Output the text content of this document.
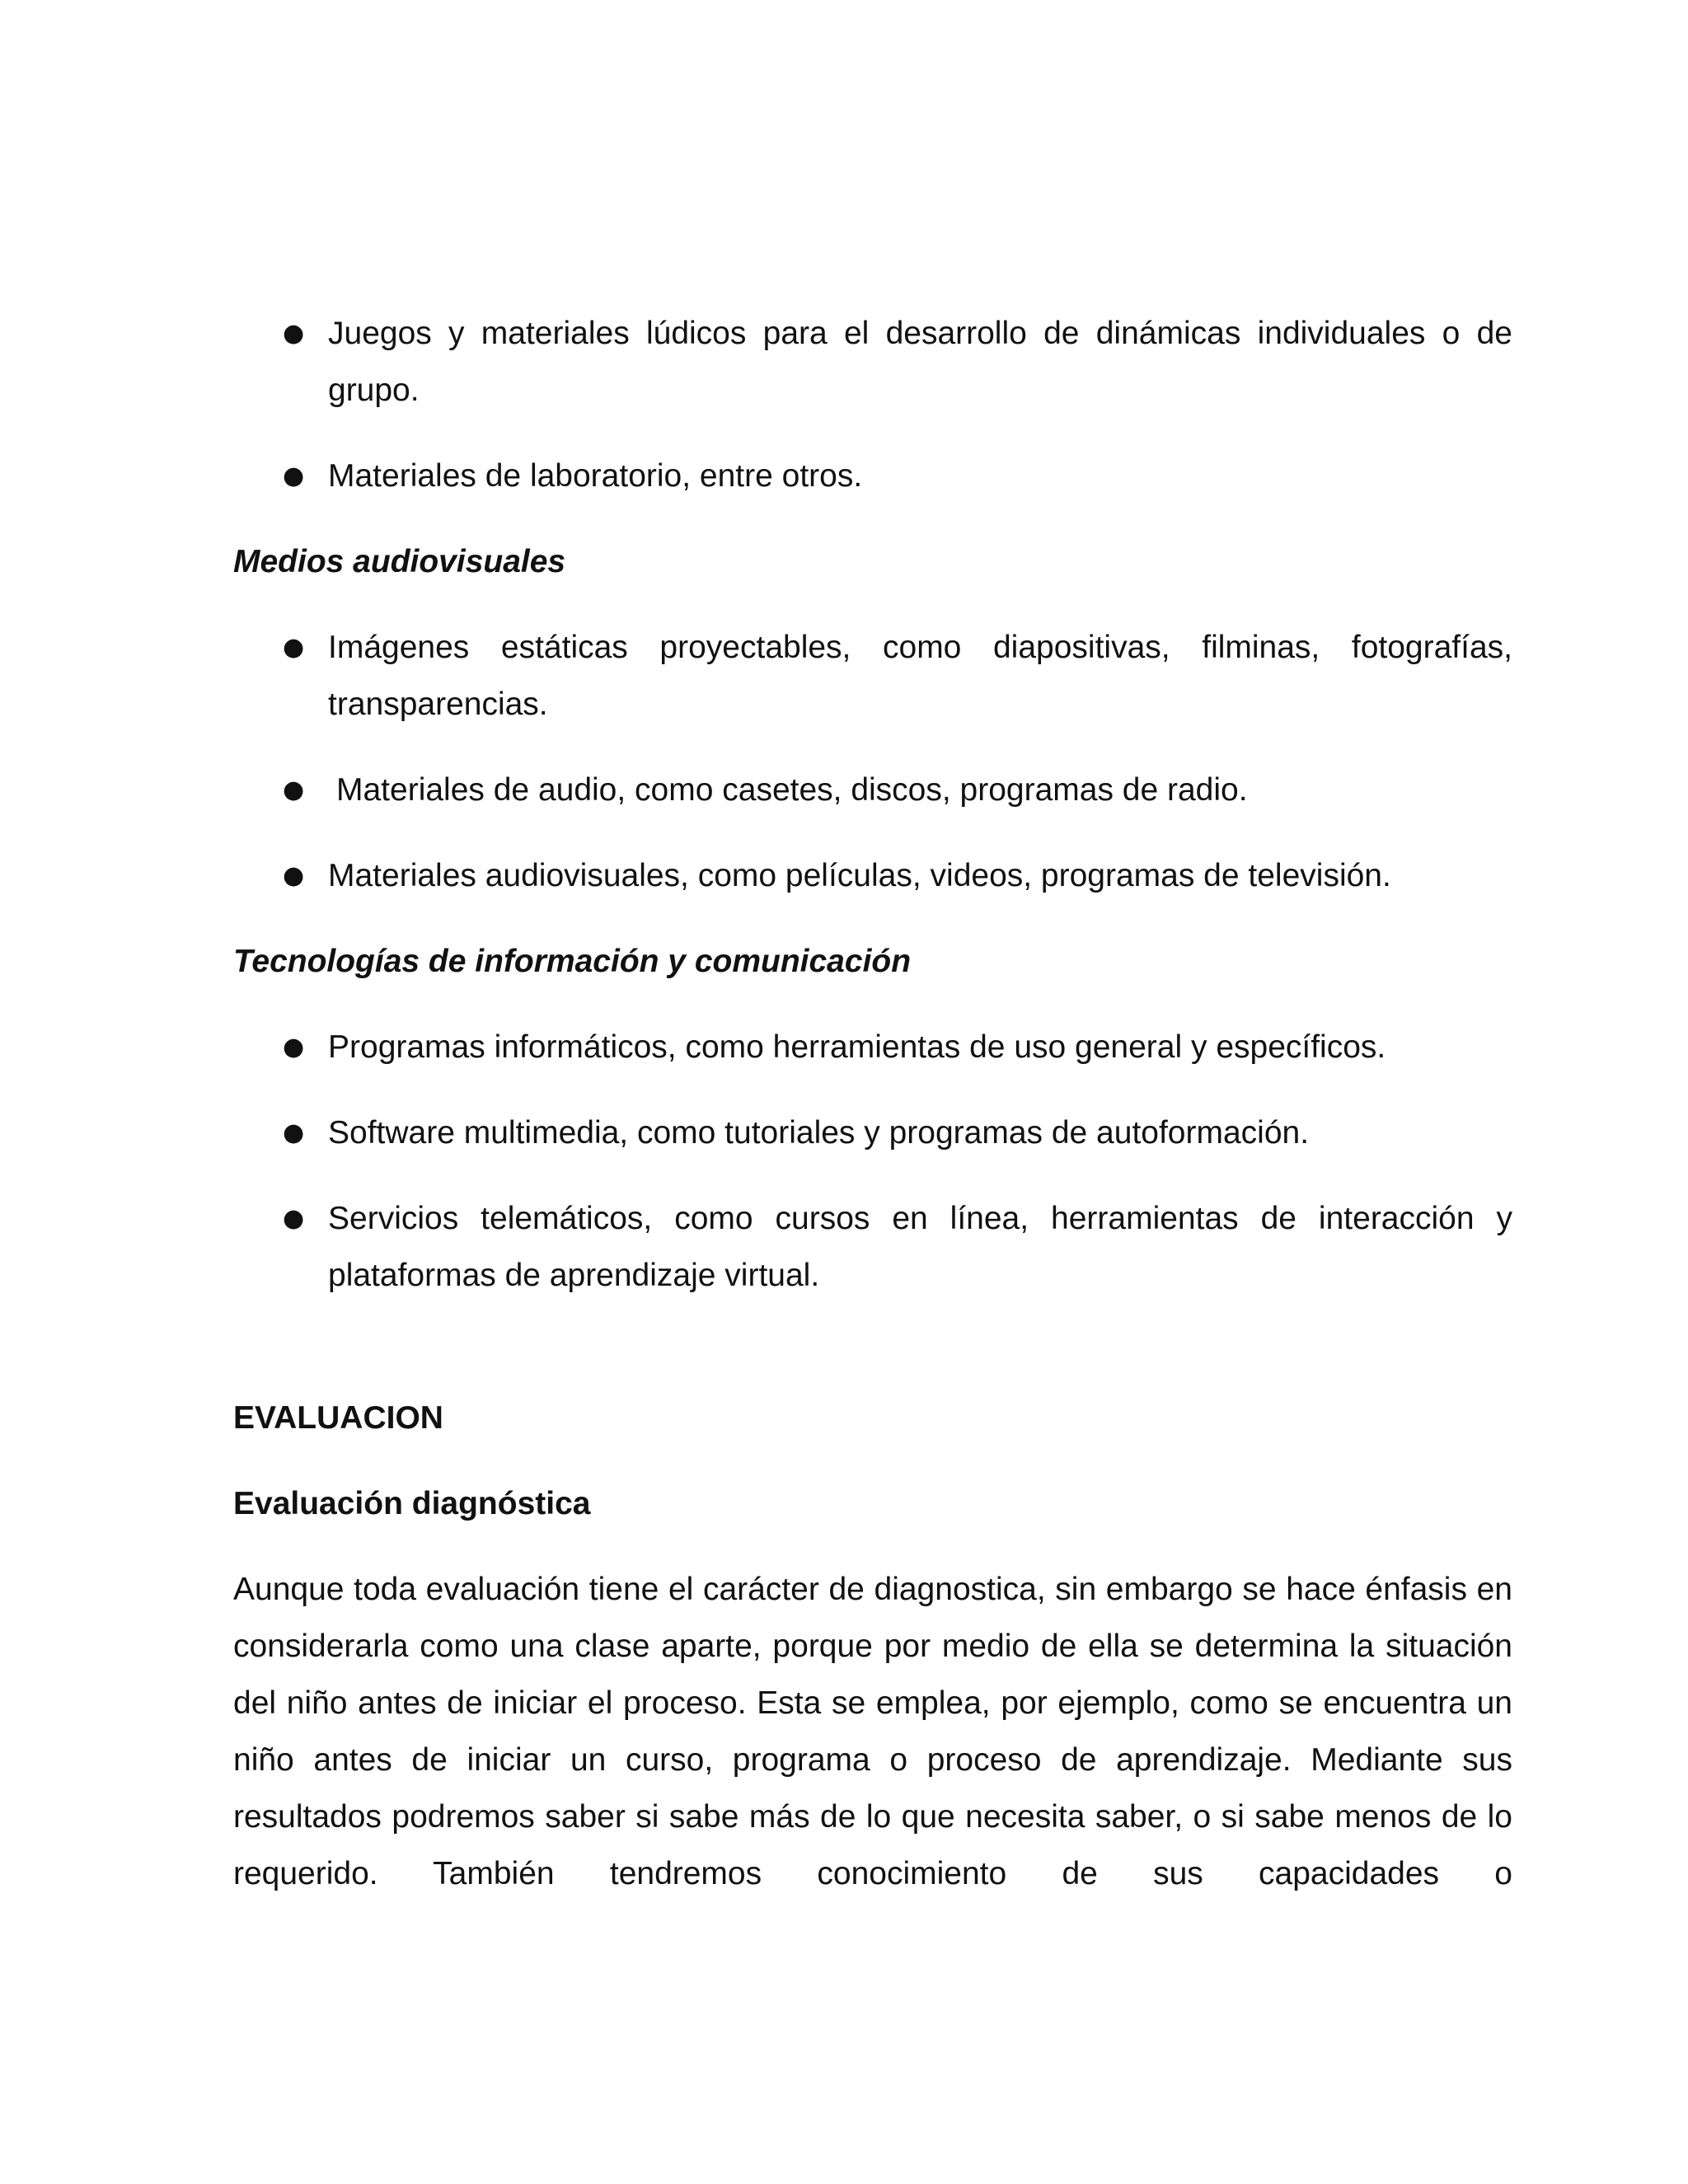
● Juegos y materiales lúdicos para el desarrollo de dinámicas individuales o de grupo.
● Materiales de laboratorio, entre otros.
Medios audiovisuales
● Imágenes estáticas proyectables, como diapositivas, filminas, fotografías, transparencias.
● Materiales de audio, como casetes, discos, programas de radio.
● Materiales audiovisuales, como películas, videos, programas de televisión.
Tecnologías de información y comunicación
● Programas informáticos, como herramientas de uso general y específicos.
● Software multimedia, como tutoriales y programas de autoformación.
● Servicios telemáticos, como cursos en línea, herramientas de interacción y plataformas de aprendizaje virtual.
EVALUACION
Evaluación diagnóstica
Aunque toda evaluación tiene el carácter de diagnostica, sin embargo se hace énfasis en considerarla como una clase aparte, porque por medio de ella se determina la situación del niño antes de iniciar el proceso. Esta se emplea, por ejemplo, como se encuentra un niño antes de iniciar un curso, programa o proceso de aprendizaje. Mediante sus resultados podremos saber si sabe más de lo que necesita saber, o si sabe menos de lo requerido. También tendremos conocimiento de sus capacidades o
